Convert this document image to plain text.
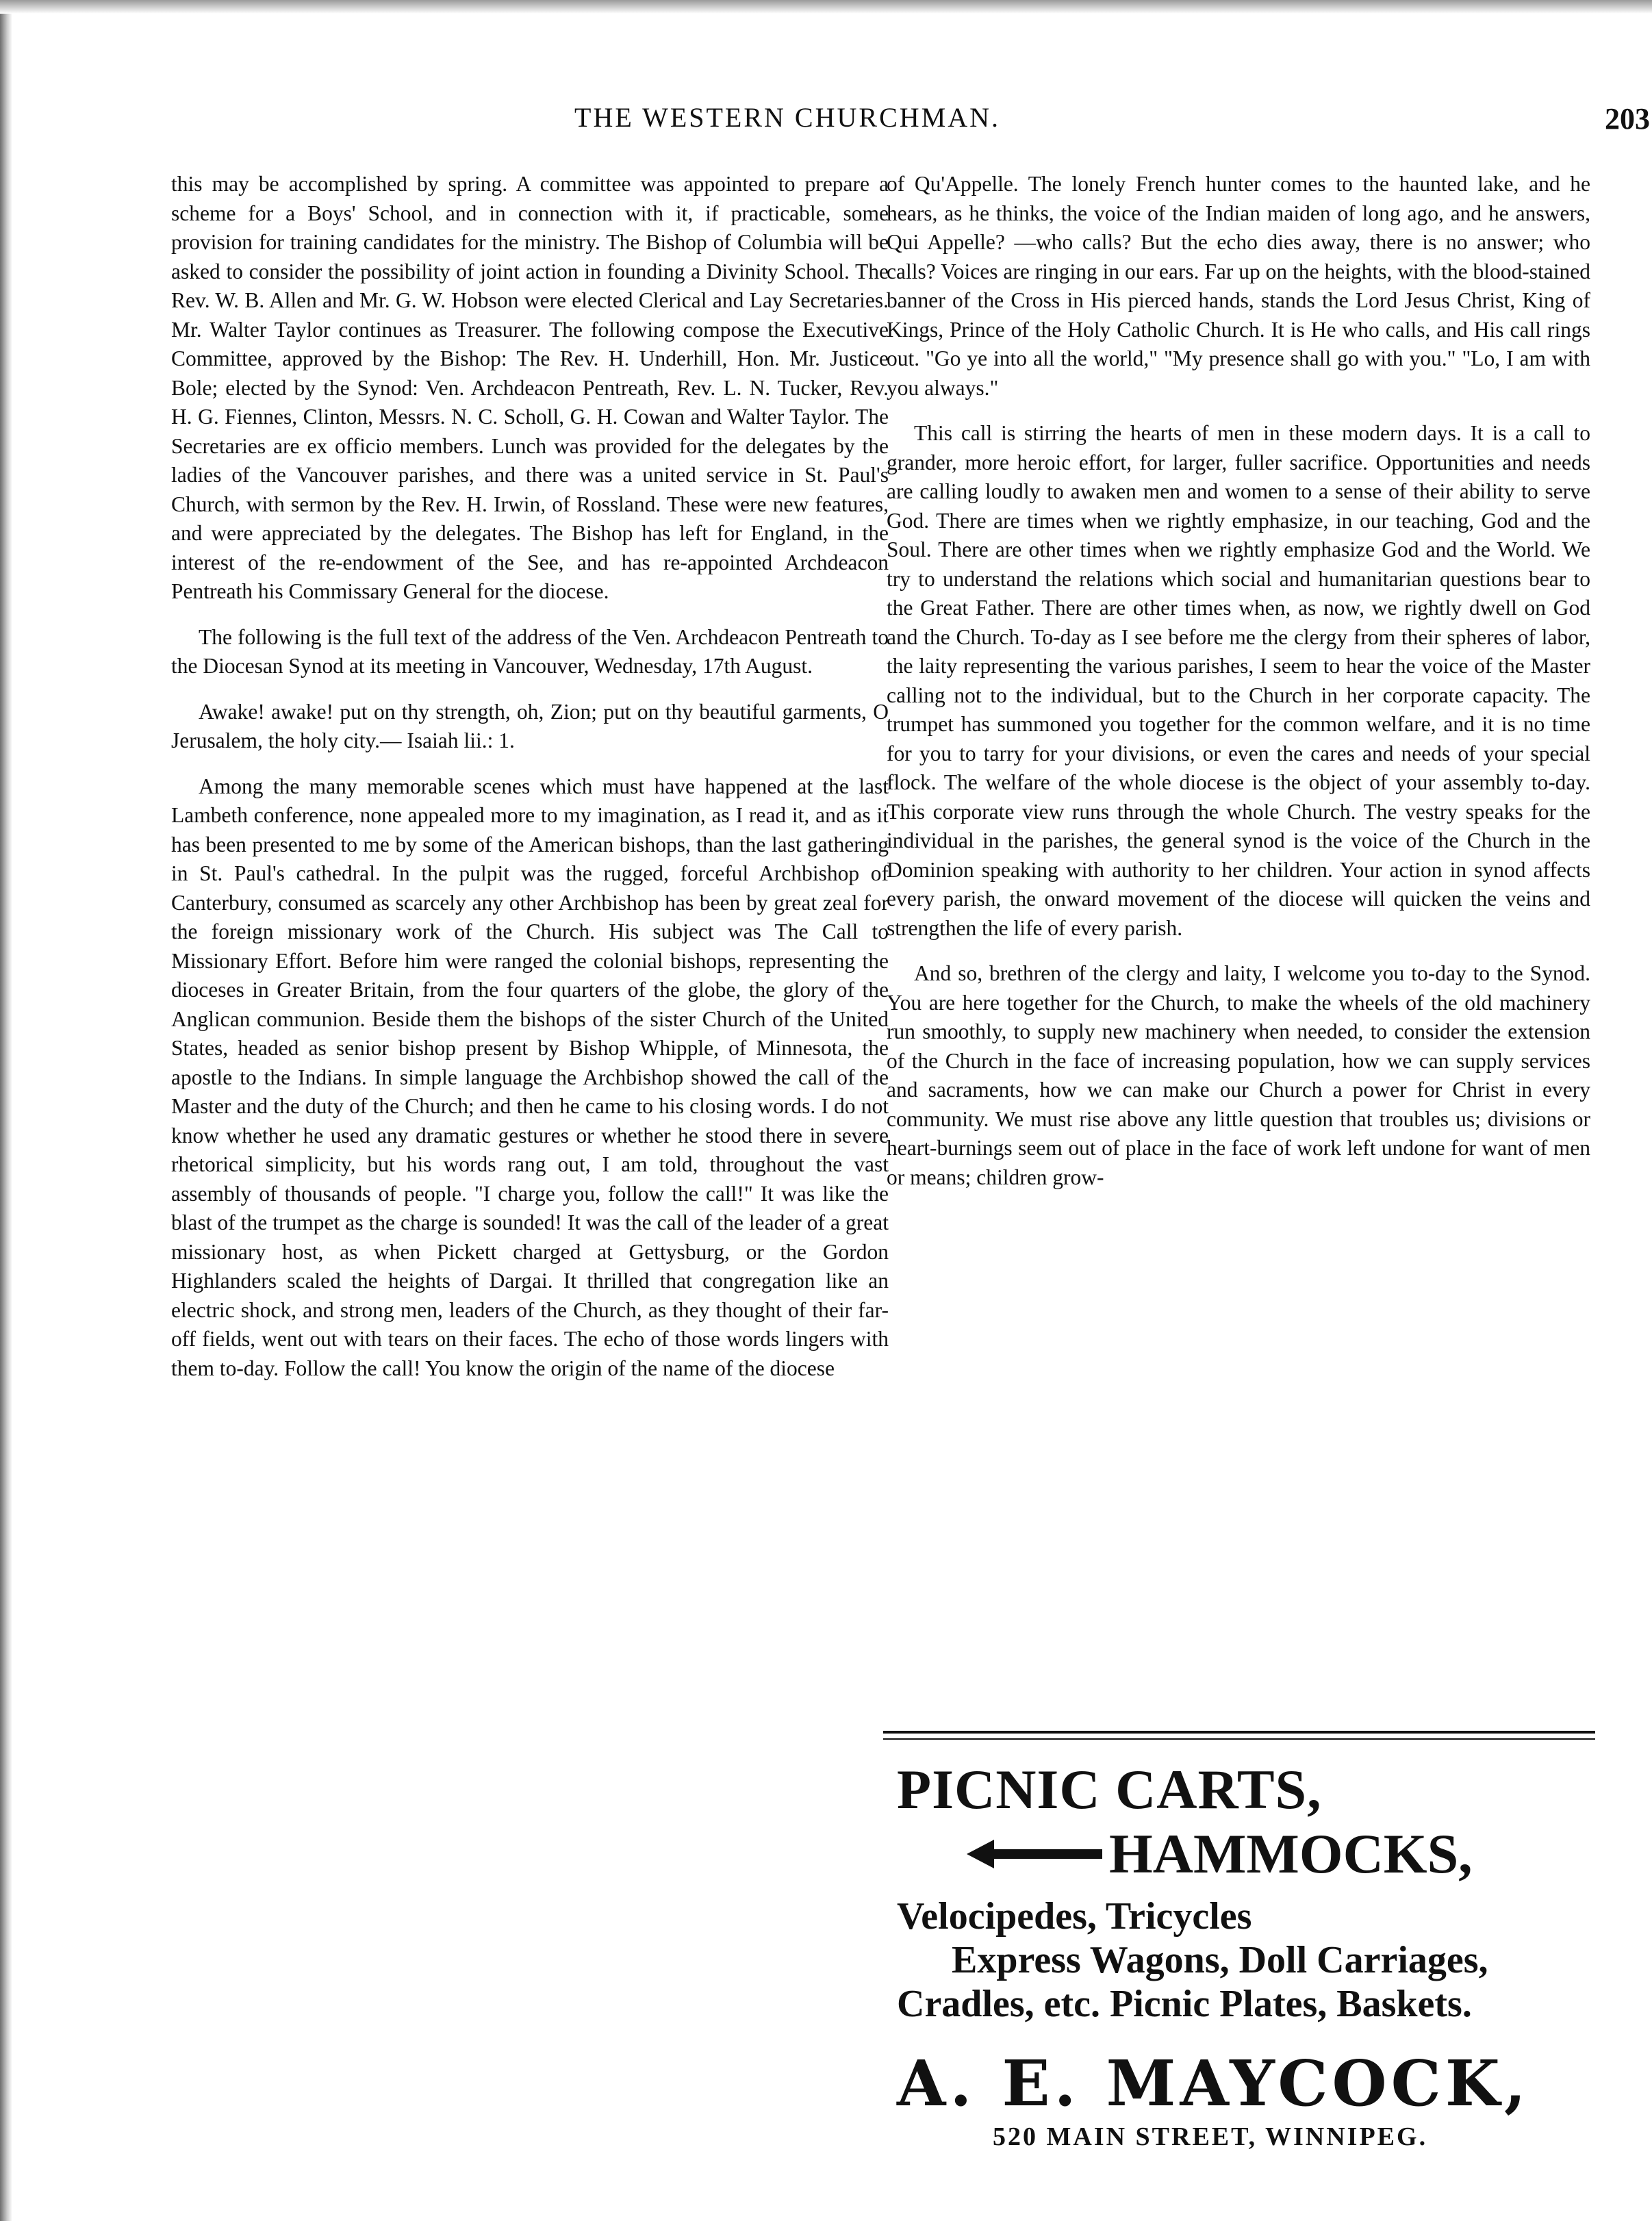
THE WESTERN CHURCHMAN.	203

this may be accomplished by spring. A committee was appointed to prepare a scheme for a Boys' School, and in connection with it, if practicable, some provision for training candidates for the ministry. The Bishop of Columbia will be asked to consider the possibility of joint action in founding a Divinity School. The Rev. W. B. Allen and Mr. G. W. Hobson were elected Clerical and Lay Secretaries. Mr. Walter Taylor continues as Treasurer. The following compose the Executive Committee, approved by the Bishop: The Rev. H. Underhill, Hon. Mr. Justice Bole; elected by the Synod: Ven. Archdeacon Pentreath, Rev. L. N. Tucker, Rev. H. G. Fiennes, Clinton, Messrs. N. C. Scholl, G. H. Cowan and Walter Taylor. The Secretaries are ex officio members. Lunch was provided for the delegates by the ladies of the Vancouver parishes, and there was a united service in St. Paul's Church, with sermon by the Rev. H. Irwin, of Rossland. These were new features, and were appreciated by the delegates. The Bishop has left for England, in the interest of the re-endowment of the See, and has re-appointed Archdeacon Pentreath his Commissary General for the diocese.

The following is the full text of the address of the Ven. Archdeacon Pentreath to the Diocesan Synod at its meeting in Vancouver, Wednesday, 17th August.

Awake! awake! put on thy strength, oh, Zion; put on thy beautiful garments, O Jerusalem, the holy city.— Isaiah lii.: 1.

Among the many memorable scenes which must have happened at the last Lambeth conference, none appealed more to my imagination, as I read it, and as it has been presented to me by some of the American bishops, than the last gathering in St. Paul's cathedral. In the pulpit was the rugged, forceful Archbishop of Canterbury, consumed as scarcely any other Archbishop has been by great zeal for the foreign missionary work of the Church. His subject was The Call to Missionary Effort. Before him were ranged the colonial bishops, representing the dioceses in Greater Britain, from the four quarters of the globe, the glory of the Anglican communion. Beside them the bishops of the sister Church of the United States, headed as senior bishop present by Bishop Whipple, of Minnesota, the apostle to the Indians. In simple language the Archbishop showed the call of the Master and the duty of the Church; and then he came to his closing words. I do not know whether he used any dramatic gestures or whether he stood there in severe rhetorical simplicity, but his words rang out, I am told, throughout the vast assembly of thousands of people. "I charge you, follow the call!" It was like the blast of the trumpet as the charge is sounded! It was the call of the leader of a great missionary host, as when Pickett charged at Gettysburg, or the Gordon Highlanders scaled the heights of Dargai. It thrilled that congregation like an electric shock, and strong men, leaders of the Church, as they thought of their far-off fields, went out with tears on their faces. The echo of those words lingers with them to-day. Follow the call! You know the origin of the name of the diocese

of Qu'Appelle. The lonely French hunter comes to the haunted lake, and he hears, as he thinks, the voice of the Indian maiden of long ago, and he answers, Qui Appelle? —who calls? But the echo dies away, there is no answer; who calls? Voices are ringing in our ears. Far up on the heights, with the blood-stained banner of the Cross in His pierced hands, stands the Lord Jesus Christ, King of Kings, Prince of the Holy Catholic Church. It is He who calls, and His call rings out. "Go ye into all the world," "My presence shall go with you." "Lo, I am with you always."

This call is stirring the hearts of men in these modern days. It is a call to grander, more heroic effort, for larger, fuller sacrifice. Opportunities and needs are calling loudly to awaken men and women to a sense of their ability to serve God. There are times when we rightly emphasize, in our teaching, God and the Soul. There are other times when we rightly emphasize God and the World. We try to understand the relations which social and humanitarian questions bear to the Great Father. There are other times when, as now, we rightly dwell on God and the Church. To-day as I see before me the clergy from their spheres of labor, the laity representing the various parishes, I seem to hear the voice of the Master calling not to the individual, but to the Church in her corporate capacity. The trumpet has summoned you together for the common welfare, and it is no time for you to tarry for your divisions, or even the cares and needs of your special flock. The welfare of the whole diocese is the object of your assembly to-day. This corporate view runs through the whole Church. The vestry speaks for the individual in the parishes, the general synod is the voice of the Church in the Dominion speaking with authority to her children. Your action in synod affects every parish, the onward movement of the diocese will quicken the veins and strengthen the life of every parish.

And so, brethren of the clergy and laity, I welcome you to-day to the Synod. You are here together for the Church, to make the wheels of the old machinery run smoothly, to supply new machinery when needed, to consider the extension of the Church in the face of increasing population, how we can supply services and sacraments, how we can make our Church a power for Christ in every community. We must rise above any little question that troubles us; divisions or heart-burnings seem out of place in the face of work left undone for want of men or means; children grow-

PICNIC CARTS,
HAMMOCKS,
Velocipedes, Tricycles
Express Wagons, Doll Carriages,
Cradles, etc. Picnic Plates, Baskets.
A. E. MAYCOCK,
520 MAIN STREET, WINNIPEG.
